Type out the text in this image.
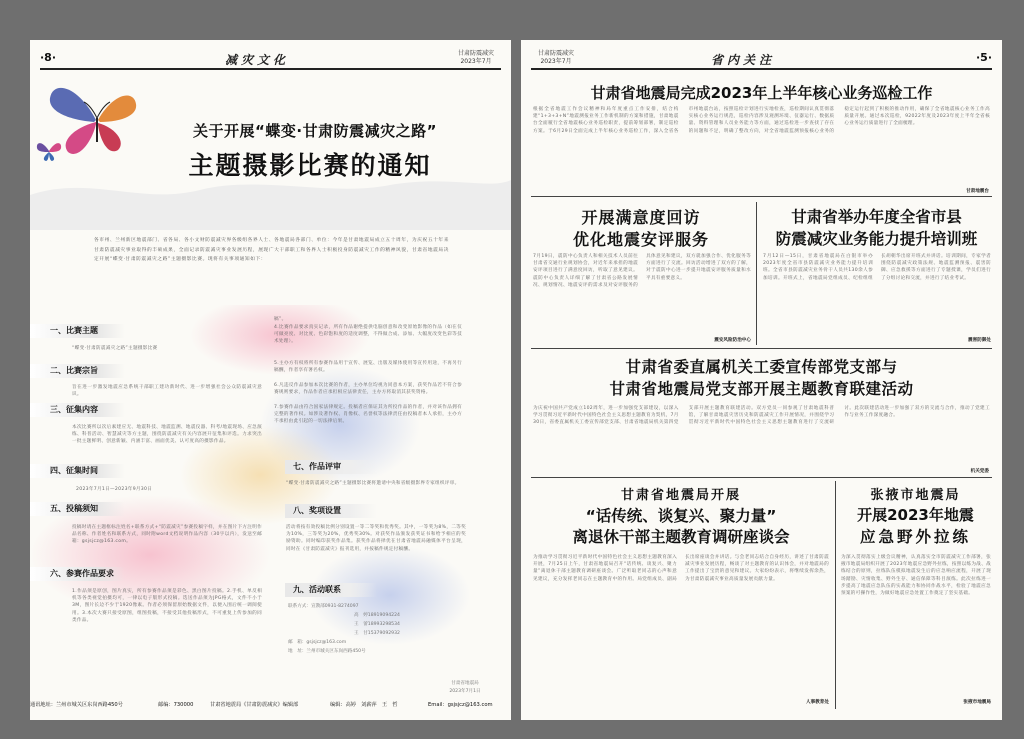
·8·	减灾文化	甘肃防震减灾
2023年7月
关于开展“蝶变·甘肃防震减灾之路”
主题摄影比赛的通知
各市州、兰州新区地震部门、省各局、各小文财防震减灾界各级组各界人士、各地震局各部门、单位：今年是甘肃地震局成立五十周年，为庆祝五十年来甘肃防震减灾事业取得的丰硕成果，全面记录防震减灾事业发展历程，展现广大干部职工和各界人士积极投身防震减灾工作的精神风貌，甘肃省地震局决定开展“蝶变·甘肃防震减灾之路”主题摄影比赛。现将有关事项通知如下：
一、比赛主题
“蝶变·甘肃防震减灾之路”主题摄影比赛
二、比赛宗旨
旨在进一步激发地震应急系统干部职工建功新时代、进一步增强社会公众防震减灾意识。
三、征集内容
本次比赛所以次后素建应无、地震科技、地震监测、地震仪器、科考/地震现场、应急演练、科普活动、智慧减灾等方主题，围绕防震减灾有关内容展开征集和评选。力求突出一批主题鲜明、创意新颖、内涵丰富、画面优美、认可度高的摄影作品。
四、征集时间
2023年7月1日—2023年9月30日
五、投稿须知
投稿时请在主题框标注姓名+联系方式+“防震减灾”参赛投稿字样，并在图片下方注明作品名称、作者姓名和联系方式，同时附word文档说明作品内容（30字以内），发送至邮箱：gsjsjcz@163.com。
六、参赛作品要求
1.作品须是原创，图片真实，所有参赛作品须是彩色、黑白图片投稿。2.手机、单反相机等各类视觉拍摄均可，一律以电子版形式投稿。选送作品须为JPG格式，文件不小于3M，图片长边不少于1920像素。作者必须保留原始数据文件，以便入围后统一调阅使用。3.本次大赛只接受原图，组图投稿，不接受其他投稿形式，不可重复上传参加的同类作品。
稿”。
4.比赛作品要求真实记录，所有作品谢绝提供电脑创意和改变原始影像的作品（如在仅可做亮度、对比度、色彩饱和度的适度调整，不得做合成、添加、大幅度改变色彩等技术处理）。
5.主办方有权将所有参赛作品用于宣传、展览、出版及媒体使用等宣传用途，不再另行稿酬，作者享有署名权。
6.凡违反作品参加本次比赛的作者，主办单位均视为同意本方案，获奖作品若不符合参赛规则要求，作品作者应承担相应法律责任，主办方将取消其获奖资格。
7.参赛作品由符合国家法律规定。投稿者应保证其为所投作品的作者，并对该作品拥有完整的著作权。如涉及著作权、肖像权、名誉权等法律责任由投稿者本人承担，主办方不承担由此引起的一切法律后果。
七、作品评审
“蝶变·甘肃防震减灾之路”主题摄影比赛将邀请中央和省级摄影界专家组织评审。
八、奖项设置
活动将按有效投稿比例分别设置一等二等奖和优秀奖。其中，一等奖为8%，二等奖为10%，三等奖为20%，优秀奖30%。对获奖作品颁发获奖证书和给予相应的奖励资助。同时编印获奖作品集。获奖作品将择优在甘肃省地震局融媒体平台呈现，同时在《甘肃防震减灾》报刊选用，并按稿件规定付稿酬。
九、活动联系
联系方式：宣教部0931-8274097
高　婷18919094224
王　蕾18993298534
王　甘15379092932
邮　箱：gsjsjcz@163.com
地　址：兰州市城关区东岗西路450号
甘肃省地震局
2023年7月1日
通讯地址：兰州市城关区东岗西路450号	邮编：730000	甘肃省地震局《甘肃防震减灾》编辑部	编辑：高婷　刘薪萍　王　哲	Email：gsjsjcz@163.com
甘肃防震减灾
2023年7月	省内关注	·5·
甘肃省地震局完成2023年上半年核心业务巡检工作
根据全省地震工作会议精神和局年度重点工作安排，结合构建“1+3+3+N”地震测报业务工作新机制的方案和措施，甘肃地震台全面履行全省地震核心业务巡检职责，提前筹划部署，制定巡检方案。于6月29日全面完成上半年核心业务巡检工作，深入全省各市州地震台站，按照巡检计划进行实地检查，巡检期间认真贯彻落实核心业务运行规范，巡检内容涉及观测环境、仪器运行、数据质量、资料管理和人员业务能力等方面，通过巡检进一步查找了存在的问题和不足，明确了整改方向，对全省地震监测预报核心业务的稳定运行起到了积极的推动作用，确保了全省地震核心业务工作高质量开展。通过本次巡检，92022年度及2023年度上半年全省核心业务运行质量进行了全面梳理。
甘肃地震台
开展满意度回访
优化地震安评服务
7月19日，震防中心负责人和相关技术人员前往甘肃省交通行业规划协会，对近年来承担的地震安评项目进行了满意度回访，听取了意见建议。震防中心负责人详细了解了甘肃省公路发展情况、规划情况、地震安评的需求及对安评服务的具体意见和建议，双方就加强合作、优化服务等方面进行了交流。回访活动增进了双方的了解，对于震防中心进一步提升地震安评服务质量和水平具有重要意义。
震安风险防治中心
甘肃省举办年度全省市县
防震减灾业务能力提升培训班
7月12日—15日，甘肃省地震局在白银市举办2023年度全省市县防震减灾业务能力提升培训班。全省市县防震减灾业务骨干人员共130余人参加培训。开班式上，省地震局党组成员、纪检组组长胡朝华出席开班式并讲话。培训期间，专家学者围绕防震减灾政策法规、地震监测预报、震害防御、应急救援等方面进行了专题授课，学员们进行了分组讨论和交流，并进行了结业考试。
震害防御处
甘肃省委直属机关工委宣传部党支部与
甘肃省地震局党支部开展主题教育联建活动
为庆祝中国共产党成立102周年，进一步加强党支部建设，以深入学习贯彻习近平新时代中国特色社会主义思想主题教育为契机，7月30日，省委直属机关工委宣传部党支部、甘肃省地震局机关第四党支部开展主题教育联建活动。双方党员一同参观了甘肃地震科普馆，了解甘肃地震灾害历史和防震减灾工作开展情况，并围绕学习贯彻习近平新时代中国特色社会主义思想主题教育进行了交流研讨。此次联建活动进一步加强了双方的交流与合作，推动了党建工作与业务工作深度融合。
机关党委
甘肃省地震局开展
“话传统、谈复兴、聚力量”
离退休干部主题教育调研座谈会
为推动学习贯彻习近平新时代中国特色社会主义思想主题教育深入开展，7月25日上午，甘肃省地震局召开“话传统、谈复兴、聚力量”离退休干部主题教育调研座谈会。广泛听取老同志的心声和意见建议，充分发挥老同志在主题教育中的作用。局党组成员、副局长出席座谈会并讲话。与会老同志结合自身经历，讲述了甘肃防震减灾事业发展历程，畅谈了对主题教育的认识体会，并对地震局的工作提出了宝贵的意见和建议。大家纷纷表示，将继续发挥余热，为甘肃防震减灾事业高质量发展贡献力量。
人事教育处
张掖市地震局
开展2023年地震
应急野外拉练
为深入贯彻落实上级会议精神，认真落实全市防震减灾工作部署，张掖市地震局组织开展了2023年地震应急野外拉练，按照以练为战、战练结合的原则，拉练队伍模拟地震发生后的应急响应流程，开展了现场踏勘、灾情收集、野外生存、通信保障等科目演练。此次拉练进一步提高了地震应急队伍的实战能力和协同作战水平，检验了地震应急预案的可操作性，为做好地震应急处置工作奠定了坚实基础。
张掖市地震局
